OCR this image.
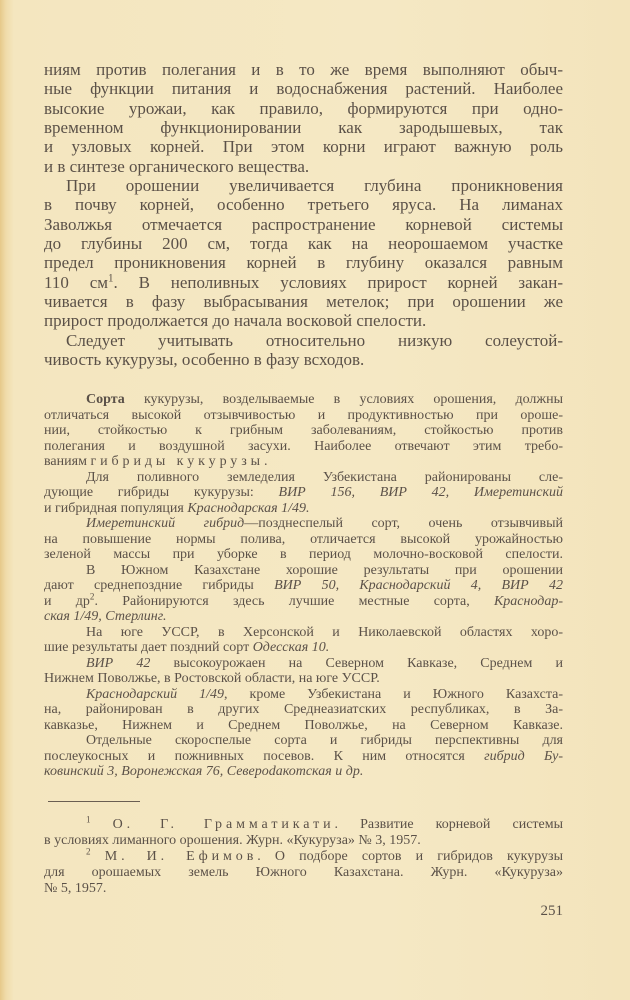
ниям против полегания и в то же время выполняют обыч-
ные функции питания и водоснабжения растений. Наиболее
высокие урожаи, как правило, формируются при одно-
временном функционировании как зародышевых, так
и узловых корней. При этом корни играют важную роль
и в синтезе органического вещества.
При орошении увеличивается глубина проникновения
в почву корней, особенно третьего яруса. На лиманах
Заволжья отмечается распространение корневой системы
до глубины 200 см, тогда как на неорошаемом участке
предел проникновения корней в глубину оказался равным
110 $см^1$. В неполивных условиях прирост корней закан-
чивается в фазу выбрасывания метелок; при орошении же
прирост продолжается до начала восковой спелости.
Следует учитывать относительно низкую солеустой-
чивость кукурузы, особенно в фазу всходов.
Сорта кукурузы, возделываемые в условиях орошения, должны
отличаться высокой отзывчивостью и продуктивностью при ороше-
нии, стойкостью к грибным заболеваниям, стойкостью против
полегания и воздушной засухи. Наиболее отвечают этим требо-
ваниям гибриды кукурузы.
Для поливного земледелия Узбекистана районированы сле-
дующие гибриды кукурузы: ВИР 156, ВИР 42, Имеретинский
и гибридная популяция Краснодарская 1/49.
Имеретинский гибрид—позднеспелый сорт, очень отзывчивый
на повышение нормы полива, отличается высокой урожайностью
зеленой массы при уборке в период молочно-восковой спелости.
В Южном Казахстане хорошие результаты при орошении
дают среднепоздние гибриды ВИР 50, Краснодарский 4, ВИР 42
и $др^2$. Районируются здесь лучшие местные сорта, Краснодар-
ская 1/49, Стерлинг.
На юге УССР, в Херсонской и Николаевской областях хоро-
шие результаты дает поздний сорт Одесская 10.
ВИР 42 высокоурожаен на Северном Кавказе, Среднем и
Нижнем Поволжье, в Ростовской области, на юге УССР.
Краснодарский 1/49, кроме Узбекистана и Южного Казахста-
на, районирован в других Среднеазиатских республиках, в За-
кавказье, Нижнем и Среднем Поволжье, на Северном Кавказе.
Отдельные скороспелые сорта и гибриды перспективны для
послеукосных и пожнивных посевов. К ним относятся гибрид Бу-
ковинский 3, Воронежская 76, Североdакотская и др.
$^1$ О. Г. Грамматикати. Развитие корневой системы
в условиях лиманного орошения. Журн. «Кукуруза» № 3, 1957.
$^2$ М. И. Ефимов. О подборе сортов и гибридов кукурузы
для орошаемых земель Южного Казахстана. Журн. «Кукуруза»
№ 5, 1957.
251
